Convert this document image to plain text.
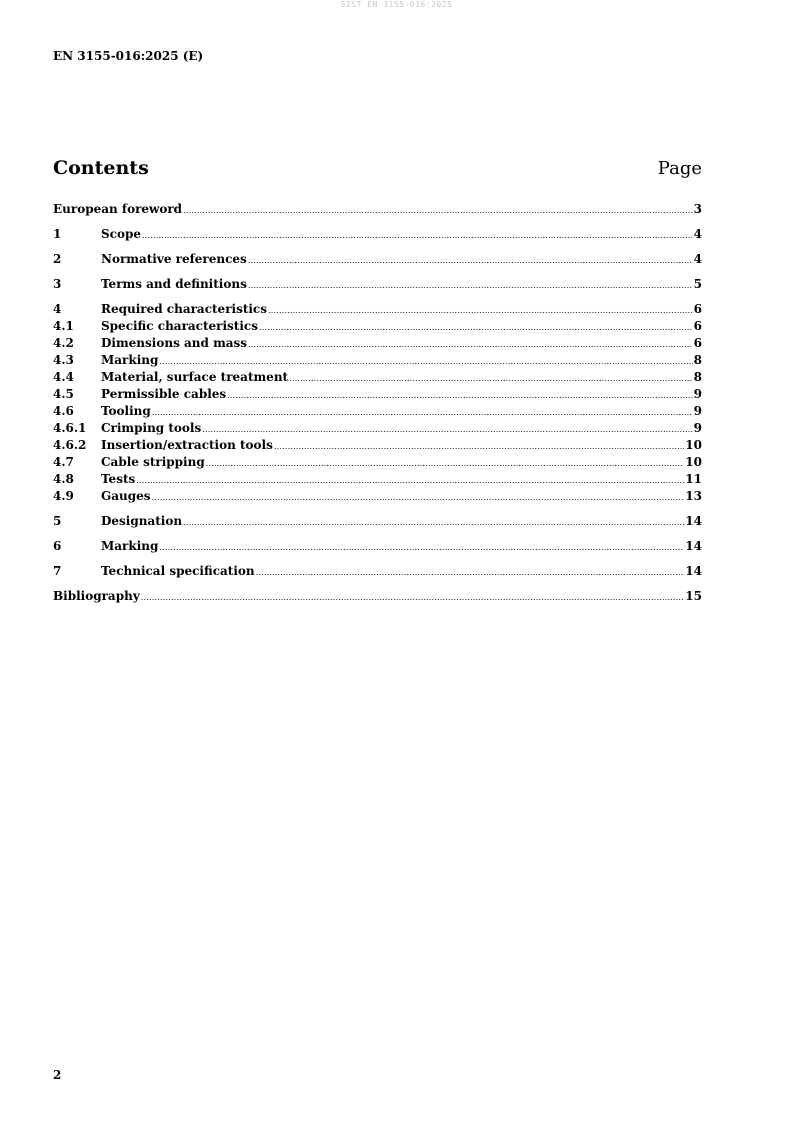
SIST EN 3155-016:2025
EN 3155-016:2025 (E)
Contents	Page
European foreword .....	3
1	Scope .....	4
2	Normative references .....	4
3	Terms and definitions .....	5
4	Required characteristics .....	6
4.1	Specific characteristics .....	6
4.2	Dimensions and mass .....	6
4.3	Marking .....	8
4.4	Material, surface treatment .....	8
4.5	Permissible cables .....	9
4.6	Tooling .....	9
4.6.1	Crimping tools .....	9
4.6.2	Insertion/extraction tools .....	10
4.7	Cable stripping .....	10
4.8	Tests .....	11
4.9	Gauges .....	13
5	Designation .....	14
6	Marking .....	14
7	Technical specification .....	14
Bibliography .....	15
2
